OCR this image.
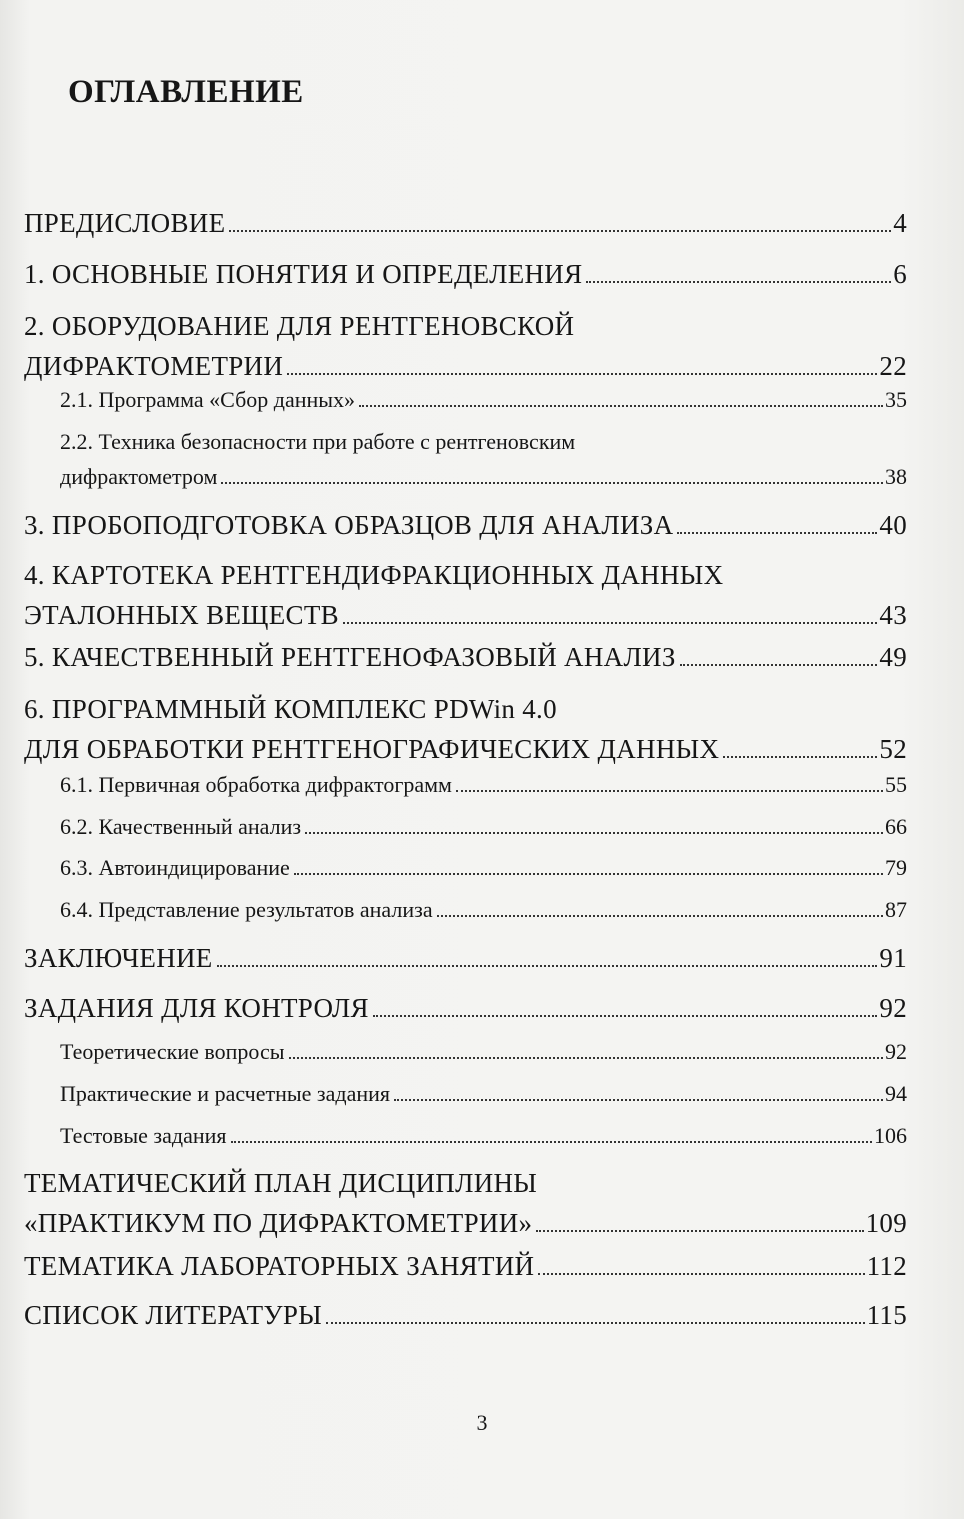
ОГЛАВЛЕНИЕ
ПРЕДИСЛОВИЕ	4
1. ОСНОВНЫЕ ПОНЯТИЯ И ОПРЕДЕЛЕНИЯ	6
2. ОБОРУДОВАНИЕ ДЛЯ РЕНТГЕНОВСКОЙ
ДИФРАКТОМЕТРИИ	22
2.1. Программа «Сбор данных»	35
2.2. Техника безопасности при работе с рентгеновским
дифрактометром	38
3. ПРОБОПОДГОТОВКА ОБРАЗЦОВ ДЛЯ АНАЛИЗА	40
4. КАРТОТЕКА РЕНТГЕНДИФРАКЦИОННЫХ ДАННЫХ
ЭТАЛОННЫХ ВЕЩЕСТВ	43
5. КАЧЕСТВЕННЫЙ РЕНТГЕНОФАЗОВЫЙ АНАЛИЗ	49
6. ПРОГРАММНЫЙ КОМПЛЕКС PDWin 4.0
ДЛЯ ОБРАБОТКИ РЕНТГЕНОГРАФИЧЕСКИХ ДАННЫХ	52
6.1. Первичная обработка дифрактограмм	55
6.2. Качественный анализ	66
6.3. Автоиндицирование	79
6.4. Представление результатов анализа	87
ЗАКЛЮЧЕНИЕ	91
ЗАДАНИЯ ДЛЯ КОНТРОЛЯ	92
Теоретические вопросы	92
Практические и расчетные задания	94
Тестовые задания	106
ТЕМАТИЧЕСКИЙ ПЛАН ДИСЦИПЛИНЫ
«ПРАКТИКУМ ПО ДИФРАКТОМЕТРИИ»	109
ТЕМАТИКА ЛАБОРАТОРНЫХ ЗАНЯТИЙ	112
СПИСОК ЛИТЕРАТУРЫ	115
3
